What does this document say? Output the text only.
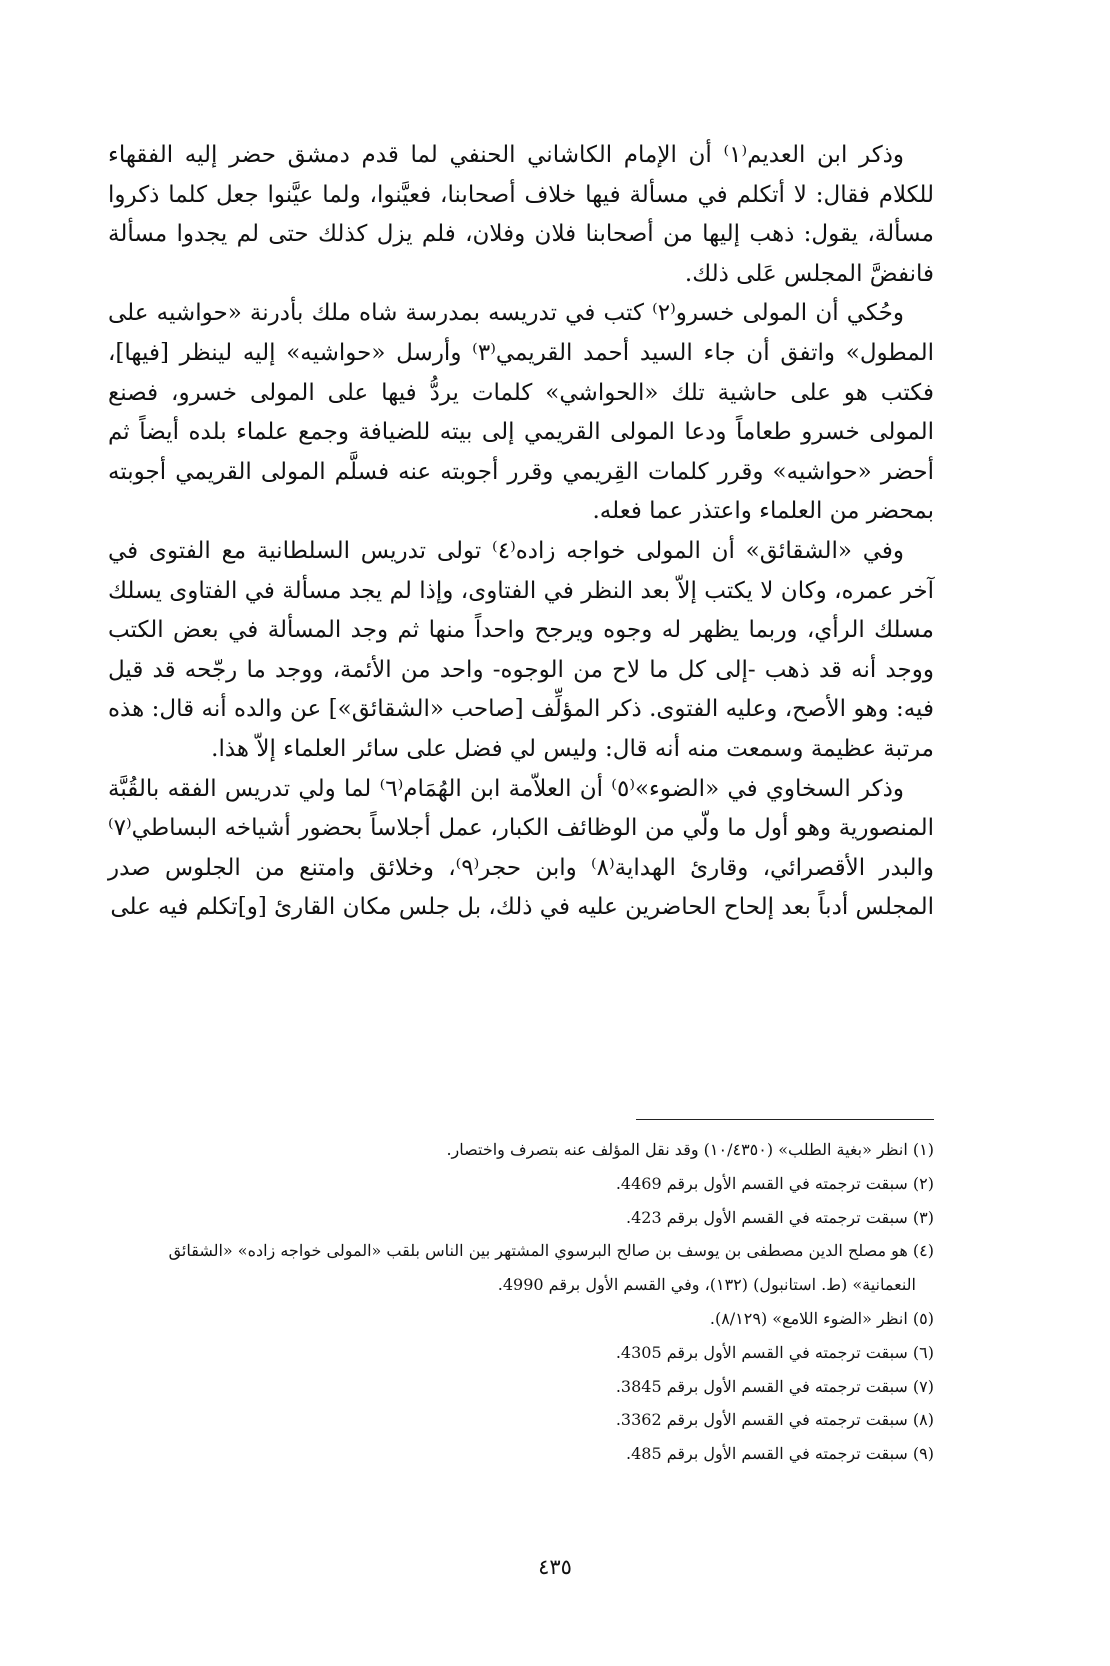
وذكر ابن العديم⁽١⁾ أن الإمام الكاشاني الحنفي لما قدم دمشق حضر إليه الفقهاء للكلام فقال: لا أتكلم في مسألة فيها خلاف أصحابنا، فعيَّنوا، ولما عيَّنوا جعل كلما ذكروا مسألة، يقول: ذهب إليها من أصحابنا فلان وفلان، فلم يزل كذلك حتى لم يجدوا مسألة فانفضَّ المجلس عَلى ذلك.

وحُكي أن المولى خسرو⁽٢⁾ كتب في تدريسه بمدرسة شاه ملك بأدرنة «حواشيه على المطول» واتفق أن جاء السيد أحمد القريمي⁽٣⁾ وأرسل «حواشيه» إليه لينظر [فيها]، فكتب هو على حاشية تلك «الحواشي» كلمات يردُّ فيها على المولى خسرو، فصنع المولى خسرو طعاماً ودعا المولى القريمي إلى بيته للضيافة وجمع علماء بلده أيضاً ثم أحضر «حواشيه» وقرر كلمات القِريمي وقرر أجوبته عنه فسلَّم المولى القريمي أجوبته بمحضر من العلماء واعتذر عما فعله.

وفي «الشقائق» أن المولى خواجه زاده⁽٤⁾ تولى تدريس السلطانية مع الفتوى في آخر عمره، وكان لا يكتب إلاّ بعد النظر في الفتاوى، وإذا لم يجد مسألة في الفتاوى يسلك مسلك الرأي، وربما يظهر له وجوه ويرجح واحداً منها ثم وجد المسألة في بعض الكتب ووجد أنه قد ذهب -إلى كل ما لاح من الوجوه- واحد من الأئمة، ووجد ما رجّحه قد قيل فيه: وهو الأصح، وعليه الفتوى. ذكر المؤلِّف [صاحب «الشقائق»] عن والده أنه قال: هذه مرتبة عظيمة وسمعت منه أنه قال: وليس لي فضل على سائر العلماء إلاّ هذا.

وذكر السخاوي في «الضوء»⁽٥⁾ أن العلاّمة ابن الهُمَام⁽٦⁾ لما ولي تدريس الفقه بالقُبَّة المنصورية وهو أول ما ولّي من الوظائف الكبار، عمل أجلاساً بحضور أشياخه البساطي⁽٧⁾ والبدر الأقصرائي، وقارئ الهداية⁽٨⁾ وابن حجر⁽٩⁾، وخلائق وامتنع من الجلوس صدر المجلس أدباً بعد إلحاح الحاضرين عليه في ذلك، بل جلس مكان القارئ [و]تكلم فيه على

(١) انظر «بغية الطلب» (١٠/٤٣٥٠) وقد نقل المؤلف عنه بتصرف واختصار.

(٢) سبقت ترجمته في القسم الأول برقم 4469.

(٣) سبقت ترجمته في القسم الأول برقم 423.

(٤) هو مصلح الدين مصطفى بن يوسف بن صالح البرسوي المشتهر بين الناس بلقب «المولى خواجه زاده» «الشقائق النعمانية» (ط. استانبول) (١٣٢)، وفي القسم الأول برقم 4990.

(٥) انظر «الضوء اللامع» (٨/١٢٩).

(٦) سبقت ترجمته في القسم الأول برقم 4305.

(٧) سبقت ترجمته في القسم الأول برقم 3845.

(٨) سبقت ترجمته في القسم الأول برقم 3362.

(٩) سبقت ترجمته في القسم الأول برقم 485.

٤٣٥
